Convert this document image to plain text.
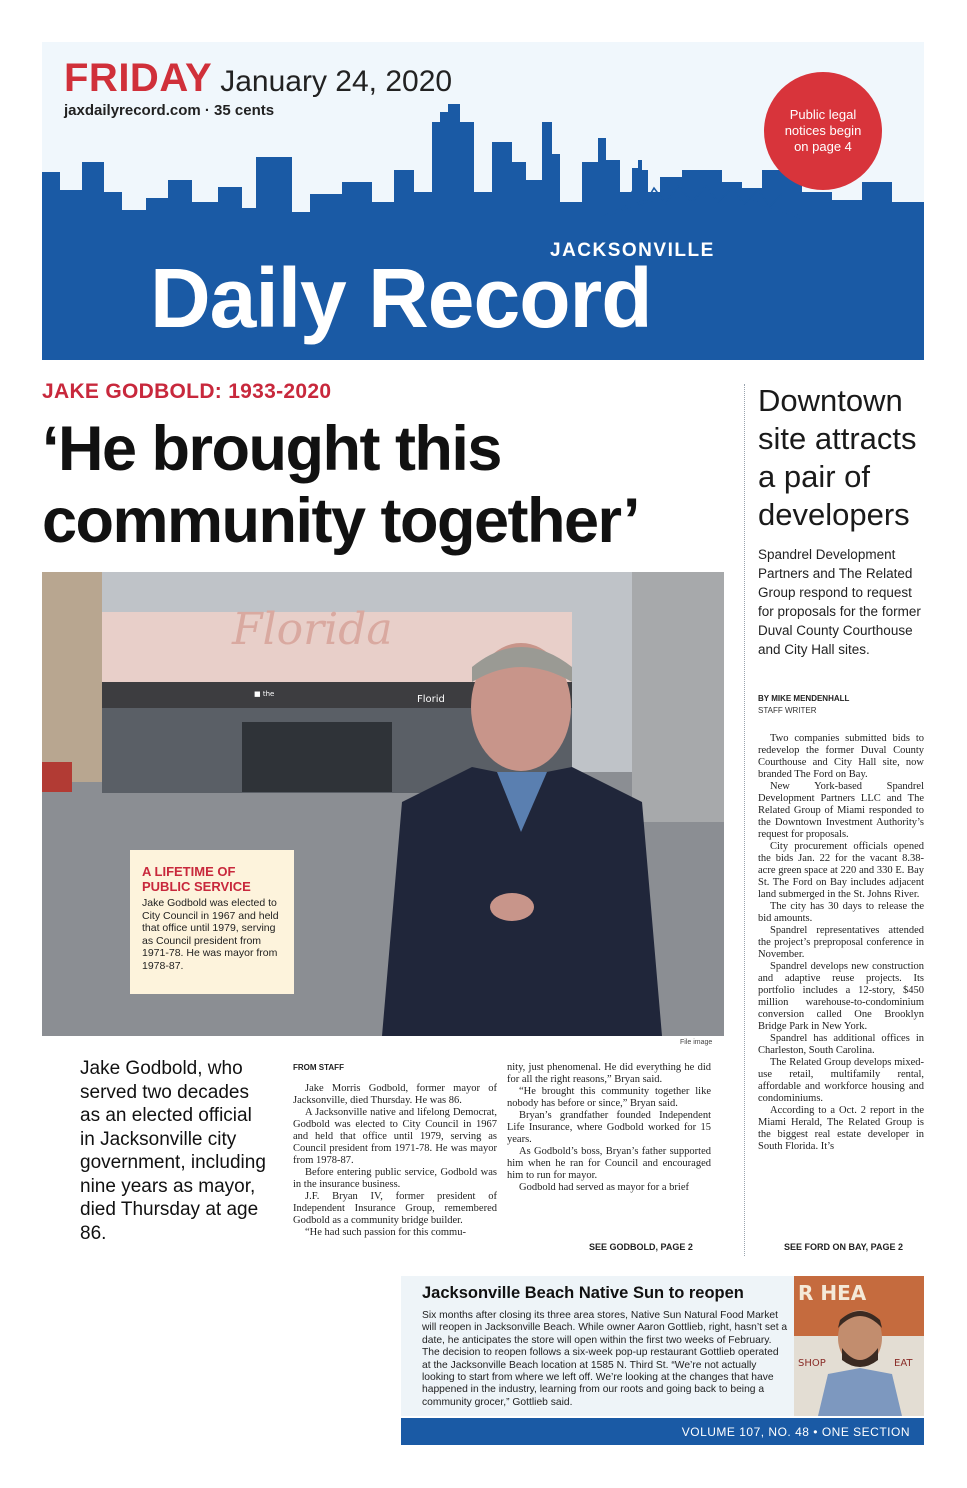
FRIDAY January 24, 2020
jaxdailyrecord.com · 35 cents	Public legal notices begin on page 4
JACKSONVILLE
Daily Record
JAKE GODBOLD: 1933-2020
‘He brought this community together’
Florida
Florid
■ the
A LIFETIME OF PUBLIC SERVICE
Jake Godbold was elected to City Council in 1967 and held that office until 1979, serving as Council president from 1971-78. He was mayor from 1978-87.
File image
Jake Godbold, who served two decades as an elected official in Jacksonville city government, including nine years as mayor, died Thursday at age 86.
FROM STAFF

Jake Morris Godbold, former mayor of Jacksonville, died Thursday. He was 86.

A Jacksonville native and lifelong Democrat, Godbold was elected to City Council in 1967 and held that office until 1979, serving as Council president from 1971-78. He was mayor from 1978-87.

Before entering public service, Godbold was in the insurance business.

J.F. Bryan IV, former president of Independent Insurance Group, remembered Godbold as a community bridge builder.

“He had such passion for this commu-

nity, just phenomenal. He did everything he did for all the right reasons,” Bryan said.

“He brought this community together like nobody has before or since,” Bryan said.

Bryan’s grandfather founded Independent Life Insurance, where Godbold worked for 15 years.

As Godbold’s boss, Bryan’s father supported him when he ran for Council and encouraged him to run for mayor.

Godbold had served as mayor for a brief

SEE GODBOLD, PAGE 2
Downtown site attracts a pair of developers
Spandrel Development Partners and The Related Group respond to request for proposals for the former Duval County Courthouse and City Hall sites.
BY MIKE MENDENHALL
STAFF WRITER

Two companies submitted bids to redevelop the former Duval County Courthouse and City Hall site, now branded The Ford on Bay.

New York-based Spandrel Development Partners LLC and The Related Group of Miami responded to the Downtown Investment Authority’s request for proposals.

City procurement officials opened the bids Jan. 22 for the vacant 8.38-acre green space at 220 and 330 E. Bay St. The Ford on Bay includes adjacent land submerged in the St. Johns River.

The city has 30 days to release the bid amounts.

Spandrel representatives attended the project’s preproposal conference in November.

Spandrel develops new construction and adaptive reuse projects. Its portfolio includes a 12-story, $450 million warehouse-to-condominium conversion called One Brooklyn Bridge Park in New York.

Spandrel has additional offices in Charleston, South Carolina.

The Related Group develops mixed-use retail, multifamily rental, affordable and workforce housing and condominiums.

According to a Oct. 2 report in the Miami Herald, The Related Group is the biggest real estate developer in South Florida. It’s

SEE FORD ON BAY, PAGE 2
Jacksonville Beach Native Sun to reopen
Six months after closing its three area stores, Native Sun Natural Food Market will reopen in Jacksonville Beach. While owner Aaron Gottlieb, right, hasn’t set a date, he anticipates the store will open within the first two weeks of February. The decision to reopen follows a six-week pop-up restaurant Gottlieb operated at the Jacksonville Beach location at 1585 N. Third St. “We’re not actually looking to start from where we left off. We’re looking at the changes that have happened in the industry, learning from our roots and going back to being a community grocer,” Gottlieb said.
R HEA
SHOP	EAT
VOLUME 107, NO. 48 • ONE SECTION
